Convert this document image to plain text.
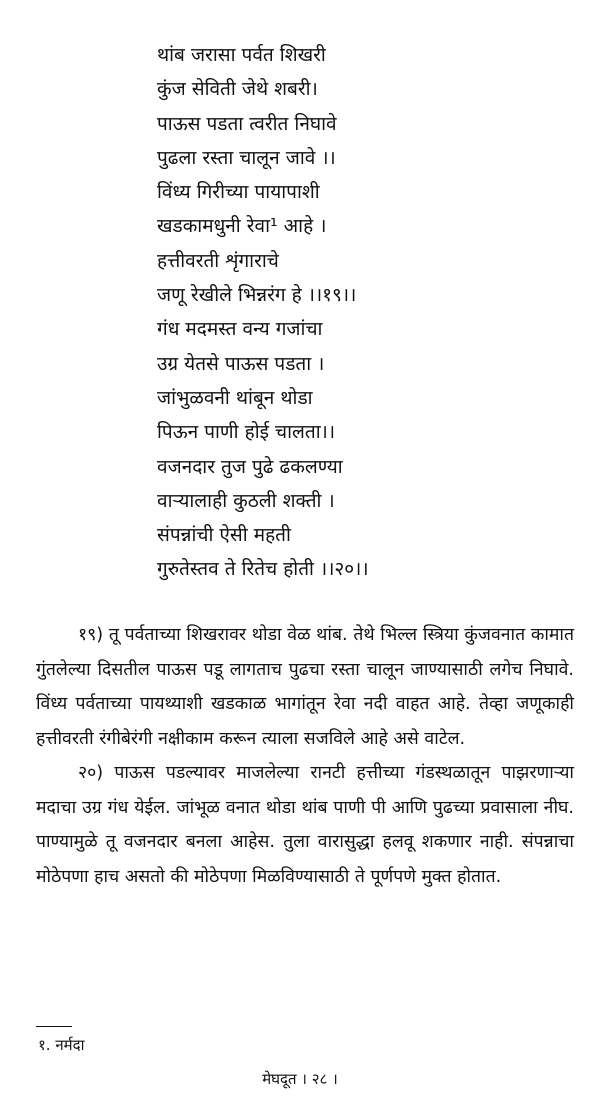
थांब जरासा पर्वत शिखरी
कुंज सेविती जेथे शबरी।
पाऊस पडता त्वरीत निघावे
पुढला रस्ता चालून जावे ।।
विंध्य गिरीच्या पायापाशी
खडकामधुनी रेवा¹ आहे ।
हत्तीवरती शृंगाराचे
जणू रेखीले भिन्नरंग हे ।।१९।।
गंध मदमस्त वन्य गजांचा
उग्र येतसे पाऊस पडता ।
जांभुळवनी थांबून थोडा
पिऊन पाणी होई चालता।।
वजनदार तुज पुढे ढकलण्या
वाऱ्यालाही कुठली शक्ती ।
संपन्नांची ऐसी महती
गुरुतेस्तव ते रितेच होती ।।२०।।

१९) तू पर्वताच्या शिखरावर थोडा वेळ थांब. तेथे भिल्ल स्त्रिया कुंजवनात कामात गुंतलेल्या दिसतील पाऊस पडू लागताच पुढचा रस्ता चालून जाण्यासाठी लगेच निघावे. विंध्य पर्वताच्या पायथ्याशी खडकाळ भागांतून रेवा नदी वाहत आहे. तेव्हा जणूकाही हत्तीवरती रंगीबेरंगी नक्षीकाम करून त्याला सजविले आहे असे वाटेल.

२०) पाऊस पडल्यावर माजलेल्या रानटी हत्तीच्या गंडस्थळातून पाझरणाऱ्या मदाचा उग्र गंध येईल. जांभूळ वनात थोडा थांब पाणी पी आणि पुढच्या प्रवासाला नीघ. पाण्यामुळे तू वजनदार बनला आहेस. तुला वारासुद्धा हलवू शकणार नाही. संपन्नाचा मोठेपणा हाच असतो की मोठेपणा मिळविण्यासाठी ते पूर्णपणे मुक्त होतात.

१. नर्मदा
मेघदूत । २८ ।
